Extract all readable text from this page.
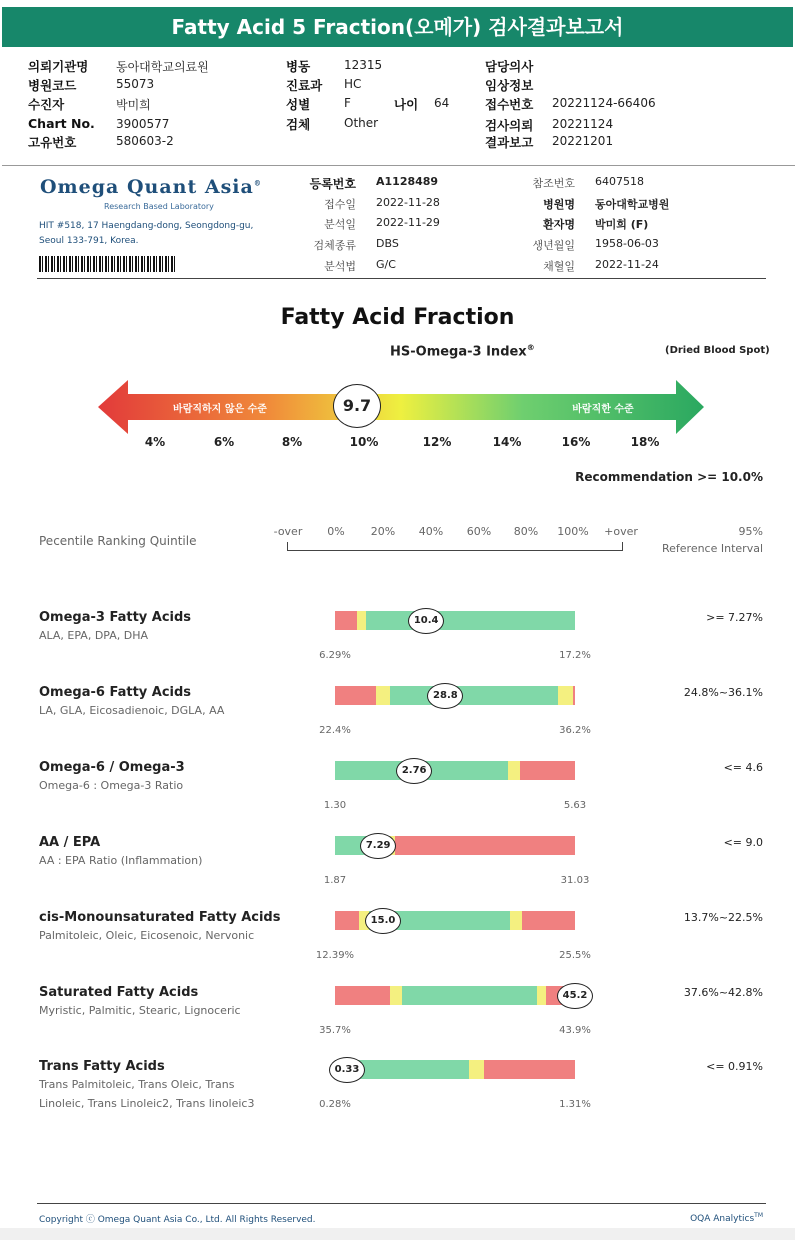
Fatty Acid 5 Fraction(오메가) 검사결과보고서
의뢰기관명 동아대학교의료원
병원코드	55073
수진자	박미희
Chart No. 3900577
고유번호	580603-2
병동	12315
진료과 HC
성별	F
검체	Other
나이 64
담당의사
임상정보
접수번호 20221124-66406
검사의뢰 20221124
결과보고 20221201
Omega Quant Asia®
Research Based Laboratory
HIT #518, 17 Haengdang-dong, Seongdong-gu,
Seoul 133-791, Korea.
등록번호 A1128489
접수일 2022-11-28
분석일 2022-11-29
검체종류 DBS
분석법 G/C
참조번호 6407518
병원명 동아대학교병원
환자명 박미희 (F)
생년월일 1958-06-03
채혈일 2022-11-24
Fatty Acid Fraction
HS-Omega-3 Index®	(Dried Blood Spot)
바람직하지 않은 수준	바람직한 수준
9.7
4%	6%	8%	10%	12%	14%	16%	18%
Recommendation >= 10.0%
Pecentile Ranking Quintile
-over	0%	20%	40%	60%	80%	100%	+over	95%
Reference Interval
Omega-3 Fatty Acids
ALA, EPA, DPA, DHA
>= 7.27%
10.4
6.29%	17.2%
Omega-6 Fatty Acids
LA, GLA, Eicosadienoic, DGLA, AA
24.8%~36.1%
28.8
22.4%	36.2%
Omega-6 / Omega-3
Omega-6 : Omega-3 Ratio
<= 4.6
2.76
1.30	5.63
AA / EPA
AA : EPA Ratio (Inflammation)
<= 9.0
7.29
1.87	31.03
cis-Monounsaturated Fatty Acids
Palmitoleic, Oleic, Eicosenoic, Nervonic
13.7%~22.5%
15.0
12.39%	25.5%
Saturated Fatty Acids
Myristic, Palmitic, Stearic, Lignoceric
37.6%~42.8%
45.2
35.7%	43.9%
Trans Fatty Acids
Trans Palmitoleic, Trans Oleic, Trans
Linoleic, Trans Linoleic2, Trans linoleic3
<= 0.91%
0.33
0.28%	1.31%
Copyright ⓒ Omega Quant Asia Co., Ltd. All Rights Reserved.	OQA Analytics™
